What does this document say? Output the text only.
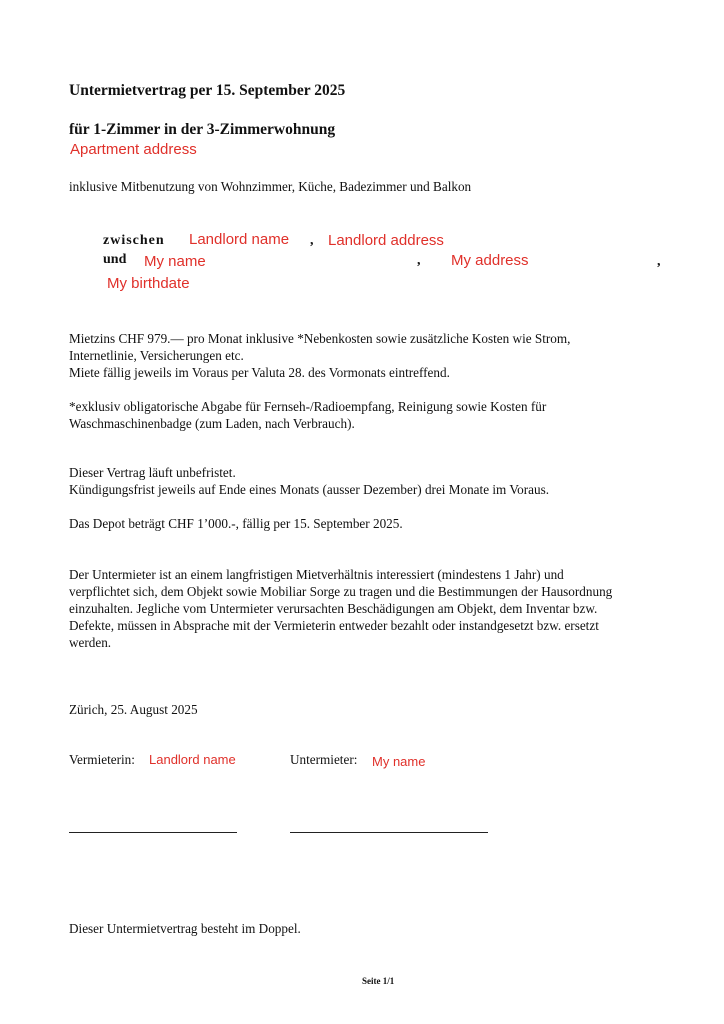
Untermietvertrag per 15. September 2025
für 1-Zimmer in der 3-Zimmerwohnung
Apartment address
inklusive Mitbenutzung von Wohnzimmer, Küche, Badezimmer und Balkon
zwischen Landlord name , Landlord address
und My name	, My address	,
My birthdate
Mietzins CHF 979.— pro Monat inklusive *Nebenkosten sowie zusätzliche Kosten wie Strom,
Internetlinie, Versicherungen etc.
Miete fällig jeweils im Voraus per Valuta 28. des Vormonats eintreffend.
*exklusiv obligatorische Abgabe für Fernseh-/Radioempfang, Reinigung sowie Kosten für
Waschmaschinenbadge (zum Laden, nach Verbrauch).
Dieser Vertrag läuft unbefristet.
Kündigungsfrist jeweils auf Ende eines Monats (ausser Dezember) drei Monate im Voraus.
Das Depot beträgt CHF 1’000.-, fällig per 15. September 2025.
Der Untermieter ist an einem langfristigen Mietverhältnis interessiert (mindestens 1 Jahr) und
verpflichtet sich, dem Objekt sowie Mobiliar Sorge zu tragen und die Bestimmungen der Hausordnung
einzuhalten. Jegliche vom Untermieter verursachten Beschädigungen am Objekt, dem Inventar bzw.
Defekte, müssen in Absprache mit der Vermieterin entweder bezahlt oder instandgesetzt bzw. ersetzt
werden.
Zürich, 25. August 2025
Vermieterin: Landlord name	Untermieter: My name
Dieser Untermietvertrag besteht im Doppel.
Seite 1/1
